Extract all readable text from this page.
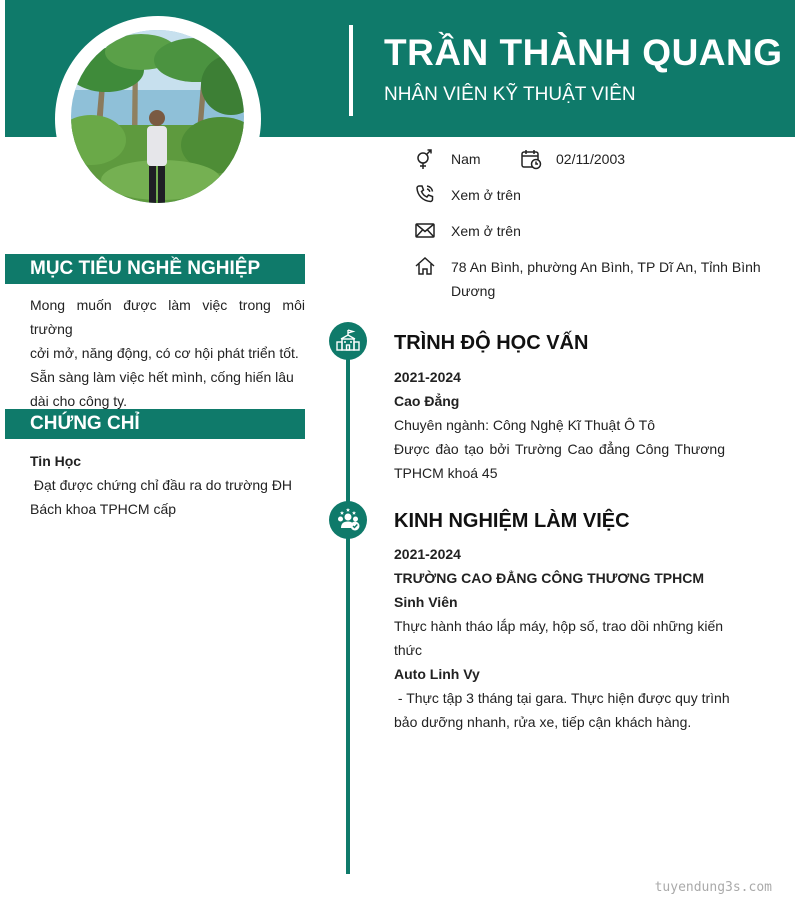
TRẦN THÀNH QUANG
NHÂN VIÊN KỸ THUẬT VIÊN
Nam	02/11/2003
Xem ở trên
Xem ở trên
78 An Bình, phường An Bình, TP Dĩ An, Tỉnh Bình
Dương
MỤC TIÊU NGHỀ NGHIỆP
Mong muốn được làm việc trong môi trường
cởi mở, năng động, có cơ hội phát triển tốt.
Sẵn sàng làm việc hết mình, cống hiến lâu
dài cho công ty.
CHỨNG CHỈ
Tin Học
Đạt được chứng chỉ đầu ra do trường ĐH
Bách khoa TPHCM cấp
TRÌNH ĐỘ HỌC VẤN
2021-2024
Cao Đẳng
Chuyên ngành: Công Nghệ Kĩ Thuật Ô Tô
Được đào tạo bởi Trường Cao đẳng Công Thương
TPHCM khoá 45
KINH NGHIỆM LÀM VIỆC
2021-2024
TRƯỜNG CAO ĐẲNG CÔNG THƯƠNG TPHCM
Sinh Viên
Thực hành tháo lắp máy, hộp số, trao dồi những kiến
thức
Auto Linh Vy
- Thực tập 3 tháng tại gara. Thực hiện được quy trình
bảo dưỡng nhanh, rửa xe, tiếp cận khách hàng.
tuyendung3s.com
